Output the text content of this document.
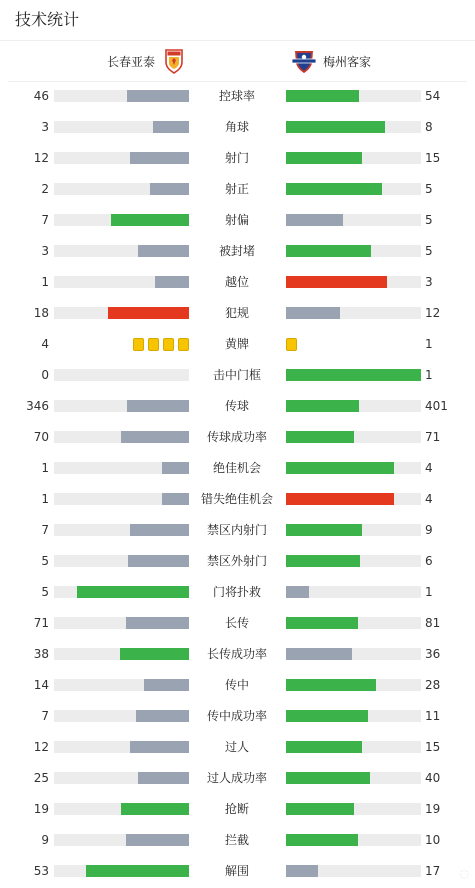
技术统计
长春亚泰	梅州客家
46	控球率	54
3	角球	8
12	射门	15
2	射正	5
7	射偏	5
3	被封堵	5
1	越位	3
18	犯规	12
4	黄牌	1
0	击中门框	1
346	传球	401
70	传球成功率	71
1	绝佳机会	4
1	错失绝佳机会	4
7	禁区内射门	9
5	禁区外射门	6
5	门将扑救	1
71	长传	81
38	长传成功率	36
14	传中	28
7	传中成功率	11
12	过人	15
25	过人成功率	40
19	抢断	19
9	拦截	10
53	解围	17 ◌
